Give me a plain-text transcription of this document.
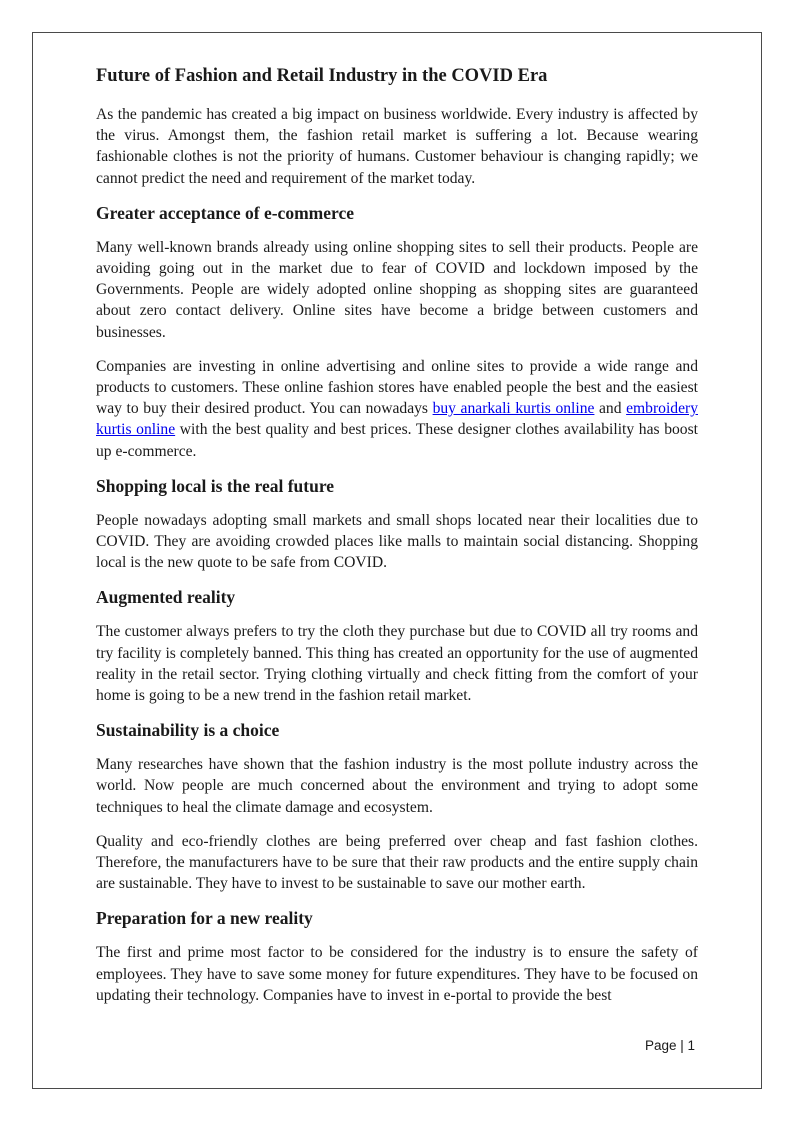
Future of Fashion and Retail Industry in the COVID Era

As the pandemic has created a big impact on business worldwide. Every industry is affected by the virus. Amongst them, the fashion retail market is suffering a lot. Because wearing fashionable clothes is not the priority of humans. Customer behaviour is changing rapidly; we cannot predict the need and requirement of the market today.

Greater acceptance of e-commerce

Many well-known brands already using online shopping sites to sell their products. People are avoiding going out in the market due to fear of COVID and lockdown imposed by the Governments. People are widely adopted online shopping as shopping sites are guaranteed about zero contact delivery. Online sites have become a bridge between customers and businesses.

Companies are investing in online advertising and online sites to provide a wide range and products to customers. These online fashion stores have enabled people the best and the easiest way to buy their desired product. You can nowadays buy anarkali kurtis online and embroidery kurtis online with the best quality and best prices. These designer clothes availability has boost up e-commerce.

Shopping local is the real future

People nowadays adopting small markets and small shops located near their localities due to COVID. They are avoiding crowded places like malls to maintain social distancing. Shopping local is the new quote to be safe from COVID.

Augmented reality

The customer always prefers to try the cloth they purchase but due to COVID all try rooms and try facility is completely banned. This thing has created an opportunity for the use of augmented reality in the retail sector. Trying clothing virtually and check fitting from the comfort of your home is going to be a new trend in the fashion retail market.

Sustainability is a choice

Many researches have shown that the fashion industry is the most pollute industry across the world. Now people are much concerned about the environment and trying to adopt some techniques to heal the climate damage and ecosystem.

Quality and eco-friendly clothes are being preferred over cheap and fast fashion clothes. Therefore, the manufacturers have to be sure that their raw products and the entire supply chain are sustainable. They have to invest to be sustainable to save our mother earth.

Preparation for a new reality

The first and prime most factor to be considered for the industry is to ensure the safety of employees. They have to save some money for future expenditures. They have to be focused on updating their technology. Companies have to invest in e-portal to provide the best

Page | 1
